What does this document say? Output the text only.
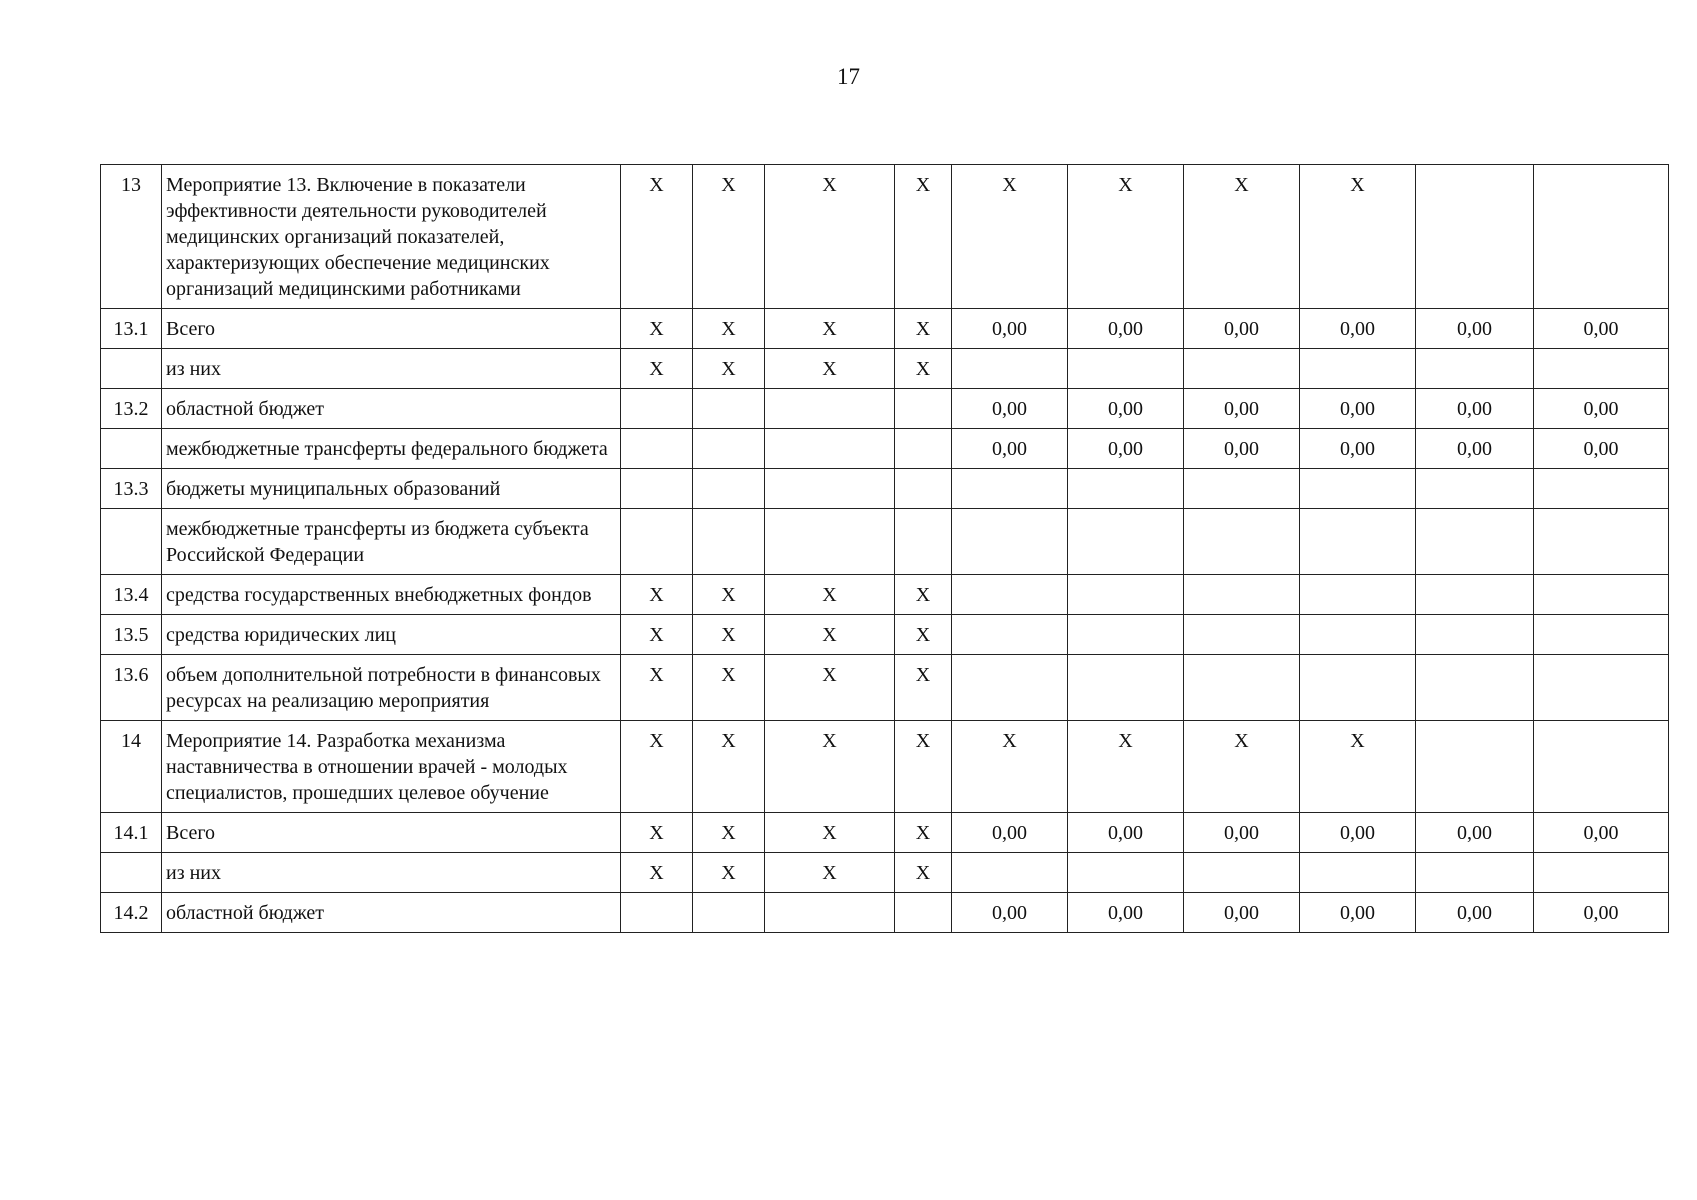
17
13	Мероприятие 13. Включение в показатели эффективности деятельности руководителей медицинских организаций показателей, характеризующих обеспечение медицинских организаций медицинскими работниками	X	X	X	X	X	X	X	X		
13.1	Всего	X	X	X	X	0,00	0,00	0,00	0,00	0,00	0,00
	из них	X	X	X	X						
13.2	областной бюджет					0,00	0,00	0,00	0,00	0,00	0,00
	межбюджетные трансферты федерального бюджета					0,00	0,00	0,00	0,00	0,00	0,00
13.3	бюджеты муниципальных образований										
	межбюджетные трансферты из бюджета субъекта Российской Федерации										
13.4	средства государственных внебюджетных фондов	X	X	X	X						
13.5	средства юридических лиц	X	X	X	X						
13.6	объем дополнительной потребности в финансовых ресурсах на реализацию мероприятия	X	X	X	X						
14	Мероприятие 14. Разработка механизма наставничества в отношении врачей - молодых специалистов, прошедших целевое обучение	X	X	X	X	X	X	X	X		
14.1	Всего	X	X	X	X	0,00	0,00	0,00	0,00	0,00	0,00
	из них	X	X	X	X						
14.2	областной бюджет					0,00	0,00	0,00	0,00	0,00	0,00
